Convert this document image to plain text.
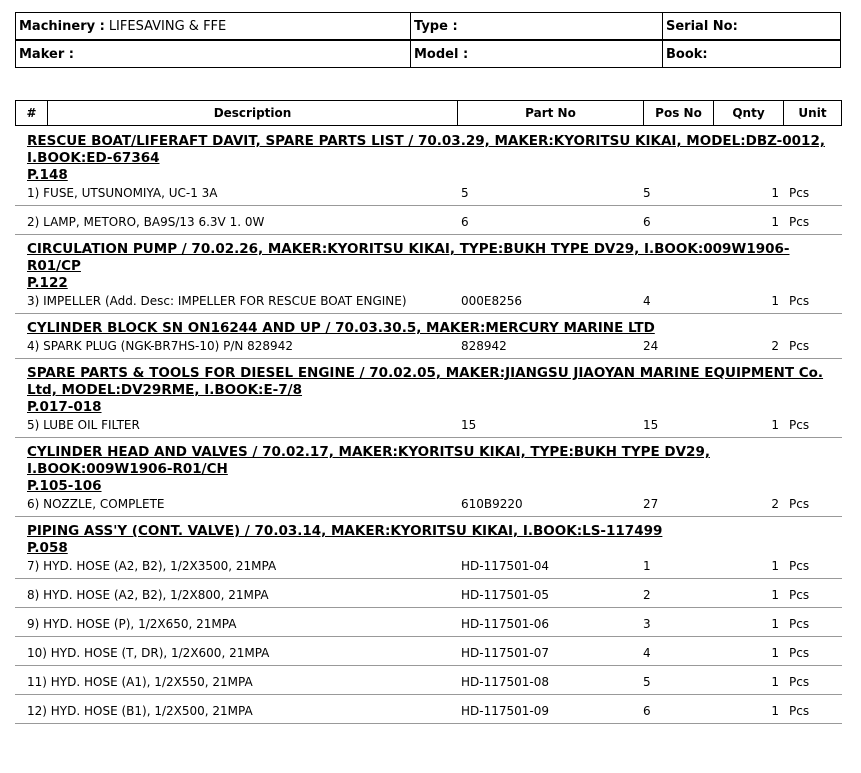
Machinery : LIFESAVING & FFE	Type :	Serial No:
Maker :	Model :	Book:
#	Description	Part No	Pos No	Qnty	Unit
RESCUE BOAT/LIFERAFT DAVIT, SPARE PARTS LIST / 70.03.29, MAKER:KYORITSU KIKAI, MODEL:DBZ-0012,
I.BOOK:ED-67364
P.148
1) FUSE, UTSUNOMIYA, UC-1 3A	5	5	1 Pcs
2) LAMP, METORO, BA9S/13 6.3V 1. 0W	6	6	1 Pcs
CIRCULATION PUMP / 70.02.26, MAKER:KYORITSU KIKAI, TYPE:BUKH TYPE DV29, I.BOOK:009W1906-R01/CP
P.122
3) IMPELLER (Add. Desc: IMPELLER FOR RESCUE BOAT ENGINE)	000E8256	4	1 Pcs
CYLINDER BLOCK SN ON16244 AND UP / 70.03.30.5, MAKER:MERCURY MARINE LTD
4) SPARK PLUG (NGK-BR7HS-10) P/N 828942	828942	24	2 Pcs
SPARE PARTS & TOOLS FOR DIESEL ENGINE / 70.02.05, MAKER:JIANGSU JIAOYAN MARINE EQUIPMENT Co.
Ltd, MODEL:DV29RME, I.BOOK:E-7/8
P.017-018
5) LUBE OIL FILTER	15	15	1 Pcs
CYLINDER HEAD AND VALVES / 70.02.17, MAKER:KYORITSU KIKAI, TYPE:BUKH TYPE DV29,
I.BOOK:009W1906-R01/CH
P.105-106
6) NOZZLE, COMPLETE	610B9220	27	2 Pcs
PIPING ASS'Y (CONT. VALVE) / 70.03.14, MAKER:KYORITSU KIKAI, I.BOOK:LS-117499
P.058
7) HYD. HOSE (A2, B2), 1/2X3500, 21MPA	HD-117501-04	1	1 Pcs
8) HYD. HOSE (A2, B2), 1/2X800, 21MPA	HD-117501-05	2	1 Pcs
9) HYD. HOSE (P), 1/2X650, 21MPA	HD-117501-06	3	1 Pcs
10) HYD. HOSE (T, DR), 1/2X600, 21MPA	HD-117501-07	4	1 Pcs
11) HYD. HOSE (A1), 1/2X550, 21MPA	HD-117501-08	5	1 Pcs
12) HYD. HOSE (B1), 1/2X500, 21MPA	HD-117501-09	6	1 Pcs
